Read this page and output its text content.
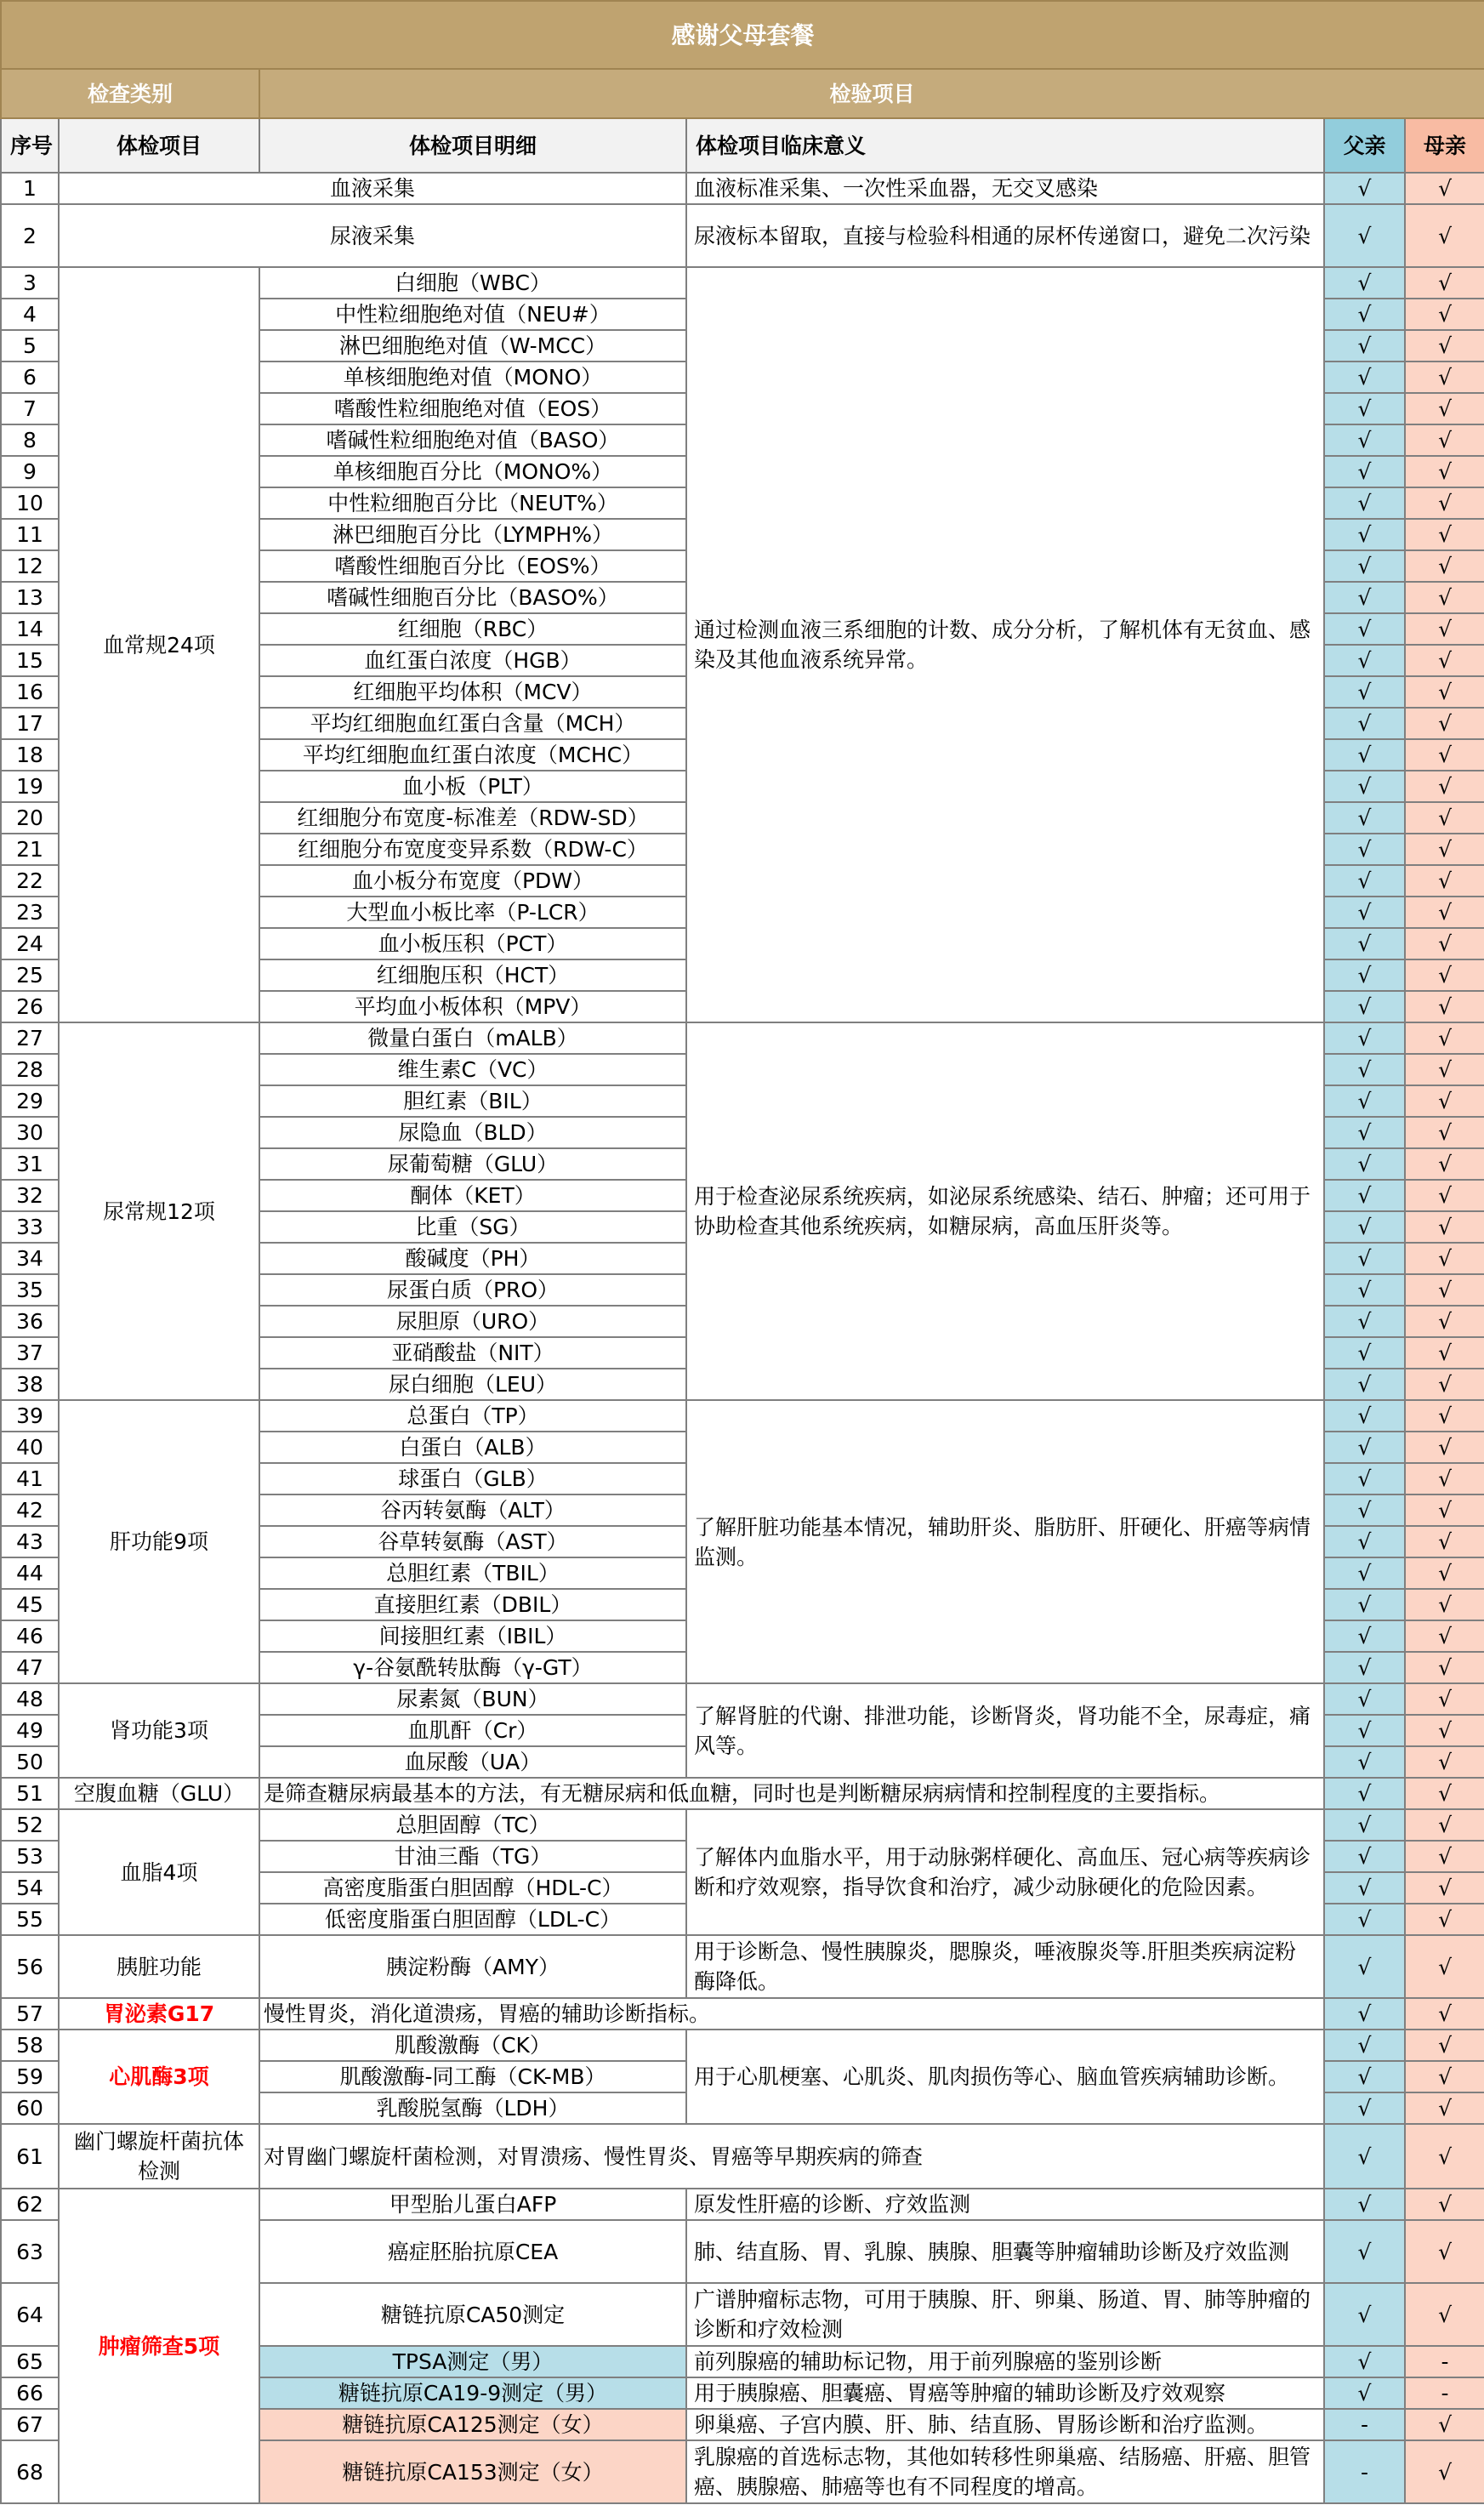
感谢父母套餐					
检查类别		检验项目			
序号	体检项目	体检项目明细	体检项目临床意义	父亲	母亲
1	血液采集		血液标准采集、一次性采血器，无交叉感染	√	√
2	尿液采集		尿液标本留取，直接与检验科相通的尿杯传递窗口，避免二次污染	√	√
3	血常规24项	白细胞（WBC）	通过检测血液三系细胞的计数、成分分析，了解机体有无贫血、感染及其他血液系统异常。	√	√
4		中性粒细胞绝对值（NEU#）		√	√
5		淋巴细胞绝对值（W-MCC）		√	√
6		单核细胞绝对值（MONO）		√	√
7		嗜酸性粒细胞绝对值（EOS）		√	√
8		嗜碱性粒细胞绝对值（BASO）		√	√
9		单核细胞百分比（MONO%）		√	√
10		中性粒细胞百分比（NEUT%）		√	√
11		淋巴细胞百分比（LYMPH%）		√	√
12		嗜酸性细胞百分比（EOS%）		√	√
13		嗜碱性细胞百分比（BASO%）		√	√
14		红细胞（RBC）		√	√
15		血红蛋白浓度（HGB）		√	√
16		红细胞平均体积（MCV）		√	√
17		平均红细胞血红蛋白含量（MCH）		√	√
18		平均红细胞血红蛋白浓度（MCHC）		√	√
19		血小板（PLT）		√	√
20		红细胞分布宽度-标准差（RDW-SD）		√	√
21		红细胞分布宽度变异系数（RDW-C）		√	√
22		血小板分布宽度（PDW）		√	√
23		大型血小板比率（P-LCR）		√	√
24		血小板压积（PCT）		√	√
25		红细胞压积（HCT）		√	√
26		平均血小板体积（MPV）		√	√
27	尿常规12项	微量白蛋白（mALB）	用于检查泌尿系统疾病，如泌尿系统感染、结石、肿瘤；还可用于协助检查其他系统疾病，如糖尿病，高血压肝炎等。	√	√
28		维生素C（VC）		√	√
29		胆红素（BIL）		√	√
30		尿隐血（BLD）		√	√
31		尿葡萄糖（GLU）		√	√
32		酮体（KET）		√	√
33		比重（SG）		√	√
34		酸碱度（PH）		√	√
35		尿蛋白质（PRO）		√	√
36		尿胆原（URO）		√	√
37		亚硝酸盐（NIT）		√	√
38		尿白细胞（LEU）		√	√
39	肝功能9项	总蛋白（TP）	了解肝脏功能基本情况，辅助肝炎、脂肪肝、肝硬化、肝癌等病情监测。	√	√
40		白蛋白（ALB）		√	√
41		球蛋白（GLB）		√	√
42		谷丙转氨酶（ALT）		√	√
43		谷草转氨酶（AST）		√	√
44		总胆红素（TBIL）		√	√
45		直接胆红素（DBIL）		√	√
46		间接胆红素（IBIL）		√	√
47		γ-谷氨酰转肽酶（γ-GT）		√	√
48	肾功能3项	尿素氮（BUN）	了解肾脏的代谢、排泄功能，诊断肾炎，肾功能不全，尿毒症，痛风等。	√	√
49		血肌酐（Cr）		√	√
50		血尿酸（UA）		√	√
51	空腹血糖（GLU）	是筛查糖尿病最基本的方法，有无糖尿病和低血糖，同时也是判断糖尿病病情和控制程度的主要指标。		√	√
52	血脂4项	总胆固醇（TC）	了解体内血脂水平，用于动脉粥样硬化、高血压、冠心病等疾病诊断和疗效观察，指导饮食和治疗，减少动脉硬化的危险因素。	√	√
53		甘油三酯（TG）		√	√
54		高密度脂蛋白胆固醇（HDL-C）		√	√
55		低密度脂蛋白胆固醇（LDL-C）		√	√
56	胰脏功能	胰淀粉酶（AMY）	用于诊断急、慢性胰腺炎，腮腺炎，唾液腺炎等.肝胆类疾病淀粉酶降低。	√	√
57	胃泌素G17	慢性胃炎，消化道溃疡，胃癌的辅助诊断指标。		√	√
58	心肌酶3项	肌酸激酶（CK）	用于心肌梗塞、心肌炎、肌肉损伤等心、脑血管疾病辅助诊断。	√	√
59		肌酸激酶-同工酶（CK-MB）		√	√
60		乳酸脱氢酶（LDH）		√	√
61	幽门螺旋杆菌抗体检测	对胃幽门螺旋杆菌检测，对胃溃疡、慢性胃炎、胃癌等早期疾病的筛查		√	√
62	肿瘤筛查5项	甲型胎儿蛋白AFP	原发性肝癌的诊断、疗效监测	√	√
63		癌症胚胎抗原CEA	肺、结直肠、胃、乳腺、胰腺、胆囊等肿瘤辅助诊断及疗效监测	√	√
64		糖链抗原CA50测定	广谱肿瘤标志物，可用于胰腺、肝、卵巢、肠道、胃、肺等肿瘤的诊断和疗效检测	√	√
65		TPSA测定（男）	前列腺癌的辅助标记物，用于前列腺癌的鉴别诊断	√	-
66		糖链抗原CA19-9测定（男）	用于胰腺癌、胆囊癌、胃癌等肿瘤的辅助诊断及疗效观察	√	-
67		糖链抗原CA125测定（女）	卵巢癌、子宫内膜、肝、肺、结直肠、胃肠诊断和治疗监测。	-	√
68		糖链抗原CA153测定（女）	乳腺癌的首选标志物，其他如转移性卵巢癌、结肠癌、肝癌、胆管癌、胰腺癌、肺癌等也有不同程度的增高。	-	√
